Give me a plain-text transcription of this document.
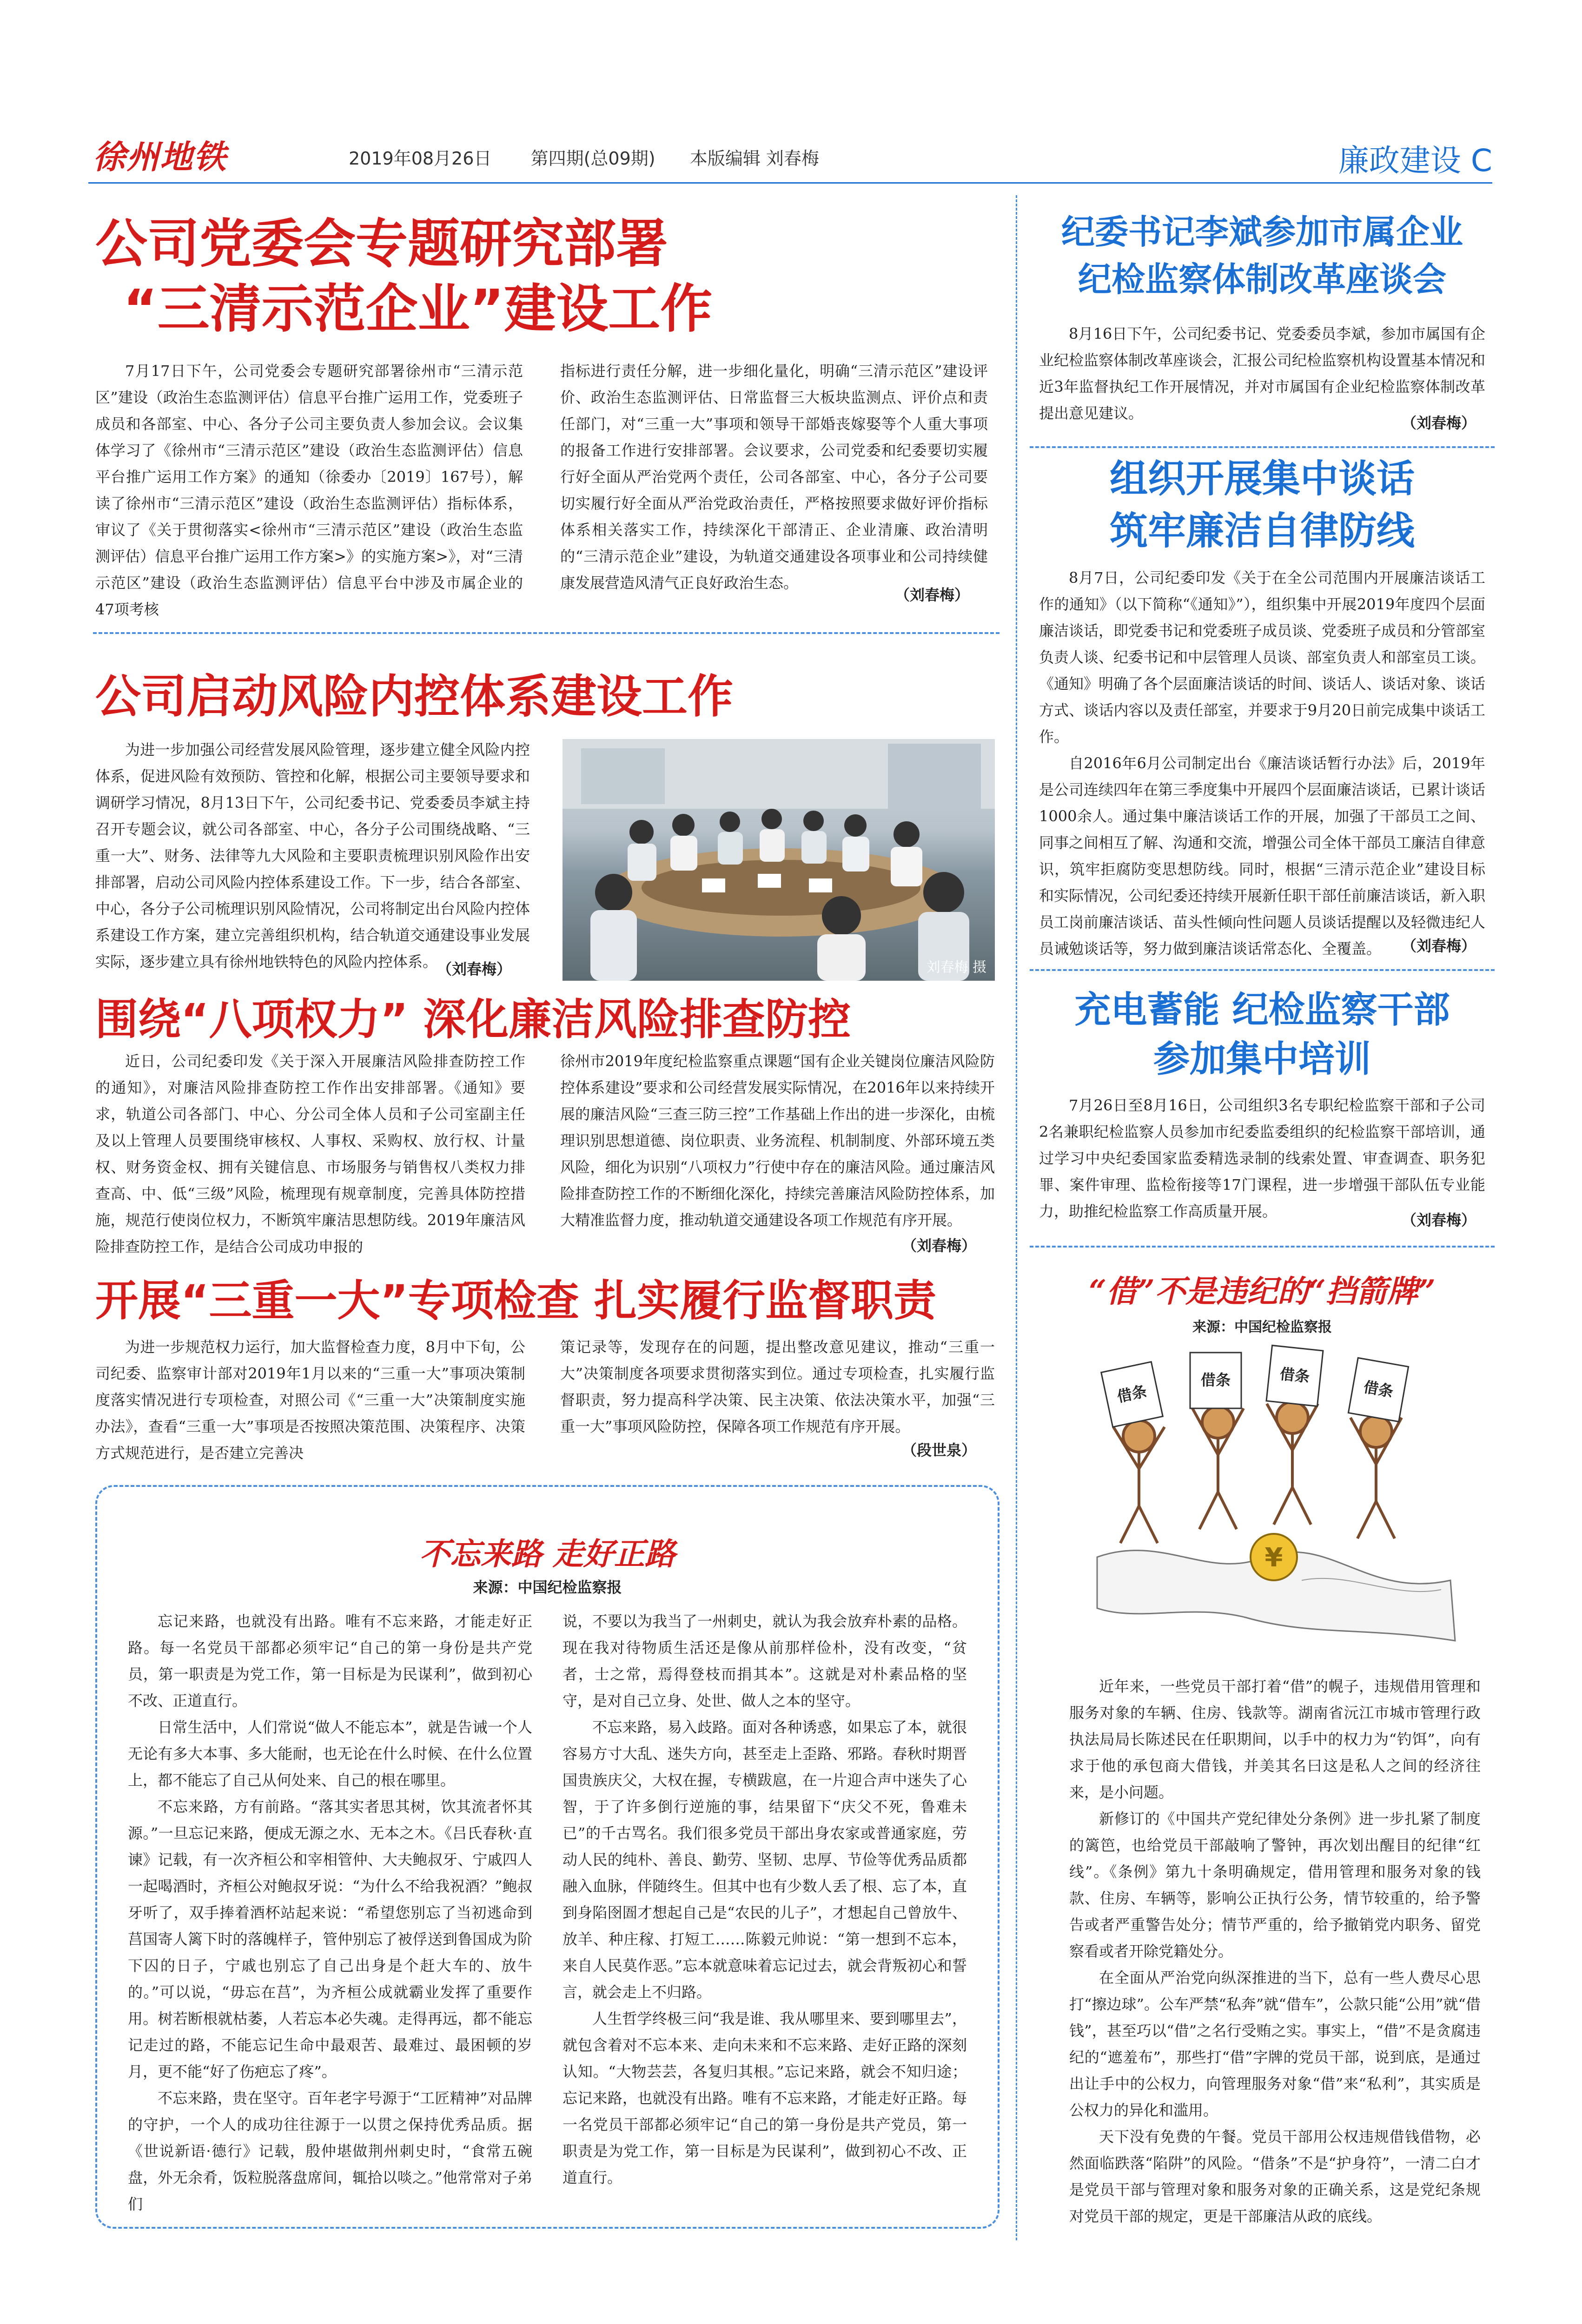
徐州地铁	2019年08月26日 第四期(总09期) 本版编辑 刘春梅	廉政建设 C
公司党委会专题研究部署
“三清示范企业”建设工作

7月17日下午，公司党委会专题研究部署徐州市“三清示范区”建设（政治生态监测评估）信息平台推广运用工作，党委班子成员和各部室、中心、各分子公司主要负责人参加会议。会议集体学习了《徐州市“三清示范区”建设（政治生态监测评估）信息平台推广运用工作方案》的通知（徐委办〔2019〕167号），解读了徐州市“三清示范区”建设（政治生态监测评估）指标体系，审议了《关于贯彻落实<徐州市“三清示范区”建设（政治生态监测评估）信息平台推广运用工作方案>》的实施方案>》，对“三清示范区”建设（政治生态监测评估）信息平台中涉及市属企业的47项考核

指标进行责任分解，进一步细化量化，明确“三清示范区”建设评价、政治生态监测评估、日常监督三大板块监测点、评价点和责任部门，对“三重一大”事项和领导干部婚丧嫁娶等个人重大事项的报备工作进行安排部署。会议要求，公司党委和纪委要切实履行好全面从严治党两个责任，公司各部室、中心，各分子公司要切实履行好全面从严治党政治责任，严格按照要求做好评价指标体系相关落实工作，持续深化干部清正、企业清廉、政治清明的“三清示范企业”建设，为轨道交通建设各项事业和公司持续健康发展营造风清气正良好政治生态。

（刘春梅）
公司启动风险内控体系建设工作

为进一步加强公司经营发展风险管理，逐步建立健全风险内控体系，促进风险有效预防、管控和化解，根据公司主要领导要求和调研学习情况，8月13日下午，公司纪委书记、党委委员李斌主持召开专题会议，就公司各部室、中心，各分子公司围绕战略、“三重一大”、财务、法律等九大风险和主要职责梳理识别风险作出安排部署，启动公司风险内控体系建设工作。下一步，结合各部室、中心，各分子公司梳理识别风险情况，公司将制定出台风险内控体系建设工作方案，建立完善组织机构，结合轨道交通建设事业发展实际，逐步建立具有徐州地铁特色的风险内控体系。

（刘春梅）	刘春梅 摄
围绕“八项权力” 深化廉洁风险排查防控

近日，公司纪委印发《关于深入开展廉洁风险排查防控工作的通知》，对廉洁风险排查防控工作作出安排部署。《通知》要求，轨道公司各部门、中心、分公司全体人员和子公司室副主任及以上管理人员要围绕审核权、人事权、采购权、放行权、计量权、财务资金权、拥有关键信息、市场服务与销售权八类权力排查高、中、低“三级”风险，梳理现有规章制度，完善具体防控措施，规范行使岗位权力，不断筑牢廉洁思想防线。2019年廉洁风险排查防控工作，是结合公司成功申报的

徐州市2019年度纪检监察重点课题“国有企业关键岗位廉洁风险防控体系建设”要求和公司经营发展实际情况，在2016年以来持续开展的廉洁风险“三查三防三控”工作基础上作出的进一步深化，由梳理识别思想道德、岗位职责、业务流程、机制制度、外部环境五类风险，细化为识别“八项权力”行使中存在的廉洁风险。通过廉洁风险排查防控工作的不断细化深化，持续完善廉洁风险防控体系，加大精准监督力度，推动轨道交通建设各项工作规范有序开展。

（刘春梅）
开展“三重一大”专项检查 扎实履行监督职责

为进一步规范权力运行，加大监督检查力度，8月中下旬，公司纪委、监察审计部对2019年1月以来的“三重一大”事项决策制度落实情况进行专项检查，对照公司《“三重一大”决策制度实施办法》，查看“三重一大”事项是否按照决策范围、决策程序、决策方式规范进行，是否建立完善决

策记录等，发现存在的问题，提出整改意见建议，推动“三重一大”决策制度各项要求贯彻落实到位。通过专项检查，扎实履行监督职责，努力提高科学决策、民主决策、依法决策水平，加强“三重一大”事项风险防控，保障各项工作规范有序开展。

（段世泉）
不忘来路 走好正路
来源：中国纪检监察报

忘记来路，也就没有出路。唯有不忘来路，才能走好正路。每一名党员干部都必须牢记“自己的第一身份是共产党员，第一职责是为党工作，第一目标是为民谋利”，做到初心不改、正道直行。

日常生活中，人们常说“做人不能忘本”，就是告诫一个人无论有多大本事、多大能耐，也无论在什么时候、在什么位置上，都不能忘了自己从何处来、自己的根在哪里。

不忘来路，方有前路。“落其实者思其树，饮其流者怀其源。”一旦忘记来路，便成无源之水、无本之木。《吕氏春秋·直谏》记载，有一次齐桓公和宰相管仲、大夫鲍叔牙、宁戚四人一起喝酒时，齐桓公对鲍叔牙说：“为什么不给我祝酒？”鲍叔牙听了，双手捧着酒杯站起来说：“希望您别忘了当初逃命到莒国寄人篱下时的落魄样子，管仲别忘了被俘送到鲁国成为阶下囚的日子，宁戚也别忘了自己出身是个赶大车的、放牛的。”可以说，“毋忘在莒”，为齐桓公成就霸业发挥了重要作用。树若断根就枯萎，人若忘本必失魂。走得再远，都不能忘记走过的路，不能忘记生命中最艰苦、最难过、最困顿的岁月，更不能“好了伤疤忘了疼”。

不忘来路，贵在坚守。百年老字号源于“工匠精神”对品牌的守护，一个人的成功往往源于一以贯之保持优秀品质。据《世说新语·德行》记载，殷仲堪做荆州刺史时，“食常五碗盘，外无余肴，饭粒脱落盘席间，辄拾以啖之。”他常常对子弟们

说，不要以为我当了一州刺史，就认为我会放弃朴素的品格。现在我对待物质生活还是像从前那样俭朴，没有改变，“贫者，士之常，焉得登枝而捐其本”。这就是对朴素品格的坚守，是对自己立身、处世、做人之本的坚守。

不忘来路，易入歧路。面对各种诱惑，如果忘了本，就很容易方寸大乱、迷失方向，甚至走上歪路、邪路。春秋时期晋国贵族庆父，大权在握，专横跋扈，在一片迎合声中迷失了心智，于了许多倒行逆施的事，结果留下“庆父不死，鲁难未已”的千古骂名。我们很多党员干部出身农家或普通家庭，劳动人民的纯朴、善良、勤劳、坚韧、忠厚、节俭等优秀品质都融入血脉，伴随终生。但其中也有少数人丢了根、忘了本，直到身陷囹圄才想起自己是“农民的儿子”，才想起自己曾放牛、放羊、种庄稼、打短工……陈毅元帅说：“第一想到不忘本，来自人民莫作恶。”忘本就意味着忘记过去，就会背叛初心和誓言，就会走上不归路。

人生哲学终极三问“我是谁、我从哪里来、要到哪里去”，就包含着对不忘本来、走向未来和不忘来路、走好正路的深刻认知。“大物芸芸，各复归其根。”忘记来路，就会不知归途；忘记来路，也就没有出路。唯有不忘来路，才能走好正路。每一名党员干部都必须牢记“自己的第一身份是共产党员，第一职责是为党工作，第一目标是为民谋利”，做到初心不改、正道直行。

纪委书记李斌参加市属企业
纪检监察体制改革座谈会

8月16日下午，公司纪委书记、党委委员李斌，参加市属国有企业纪检监察体制改革座谈会，汇报公司纪检监察机构设置基本情况和近3年监督执纪工作开展情况，并对市属国有企业纪检监察体制改革提出意见建议。

（刘春梅）
组织开展集中谈话
筑牢廉洁自律防线

8月7日，公司纪委印发《关于在全公司范围内开展廉洁谈话工作的通知》（以下简称“《通知》”），组织集中开展2019年度四个层面廉洁谈话，即党委书记和党委班子成员谈、党委班子成员和分管部室负责人谈、纪委书记和中层管理人员谈、部室负责人和部室员工谈。《通知》明确了各个层面廉洁谈话的时间、谈话人、谈话对象、谈话方式、谈话内容以及责任部室，并要求于9月20日前完成集中谈话工作。

自2016年6月公司制定出台《廉洁谈话暂行办法》后，2019年是公司连续四年在第三季度集中开展四个层面廉洁谈话，已累计谈话1000余人。通过集中廉洁谈话工作的开展，加强了干部员工之间、同事之间相互了解、沟通和交流，增强公司全体干部员工廉洁自律意识，筑牢拒腐防变思想防线。同时，根据“三清示范企业”建设目标和实际情况，公司纪委还持续开展新任职干部任前廉洁谈话，新入职员工岗前廉洁谈话、苗头性倾向性问题人员谈话提醒以及轻微违纪人员诫勉谈话等，努力做到廉洁谈话常态化、全覆盖。	（刘春梅）
充电蓄能 纪检监察干部
参加集中培训

7月26日至8月16日，公司组织3名专职纪检监察干部和子公司2名兼职纪检监察人员参加市纪委监委组织的纪检监察干部培训，通过学习中央纪委国家监委精选录制的线索处置、审查调查、职务犯罪、案件审理、监检衔接等17门课程，进一步增强干部队伍专业能力，助推纪检监察工作高质量开展。	（刘春梅）
“借”不是违纪的“挡箭牌”
来源：中国纪检监察报
借条
借条	借条
借条
¥

近年来，一些党员干部打着“借”的幌子，违规借用管理和服务对象的车辆、住房、钱款等。湖南省沅江市城市管理行政执法局局长陈述民在任职期间，以手中的权力为“钓饵”，向有求于他的承包商大借钱，并美其名曰这是私人之间的经济往来，是小问题。

新修订的《中国共产党纪律处分条例》进一步扎紧了制度的篱笆，也给党员干部敲响了警钟，再次划出醒目的纪律“红线”。《条例》第九十条明确规定，借用管理和服务对象的钱款、住房、车辆等，影响公正执行公务，情节较重的，给予警告或者严重警告处分；情节严重的，给予撤销党内职务、留党察看或者开除党籍处分。

在全面从严治党向纵深推进的当下，总有一些人费尽心思打“擦边球”。公车严禁“私奔”就“借车”，公款只能“公用”就“借钱”，甚至巧以“借”之名行受贿之实。事实上，“借”不是贪腐违纪的“遮羞布”，那些打“借”字牌的党员干部，说到底，是通过出让手中的公权力，向管理服务对象“借”来“私利”，其实质是公权力的异化和滥用。

天下没有免费的午餐。党员干部用公权违规借钱借物，必然面临跌落“陷阱”的风险。“借条”不是“护身符”，一清二白才是党员干部与管理对象和服务对象的正确关系，这是党纪条规对党员干部的规定，更是干部廉洁从政的底线。
